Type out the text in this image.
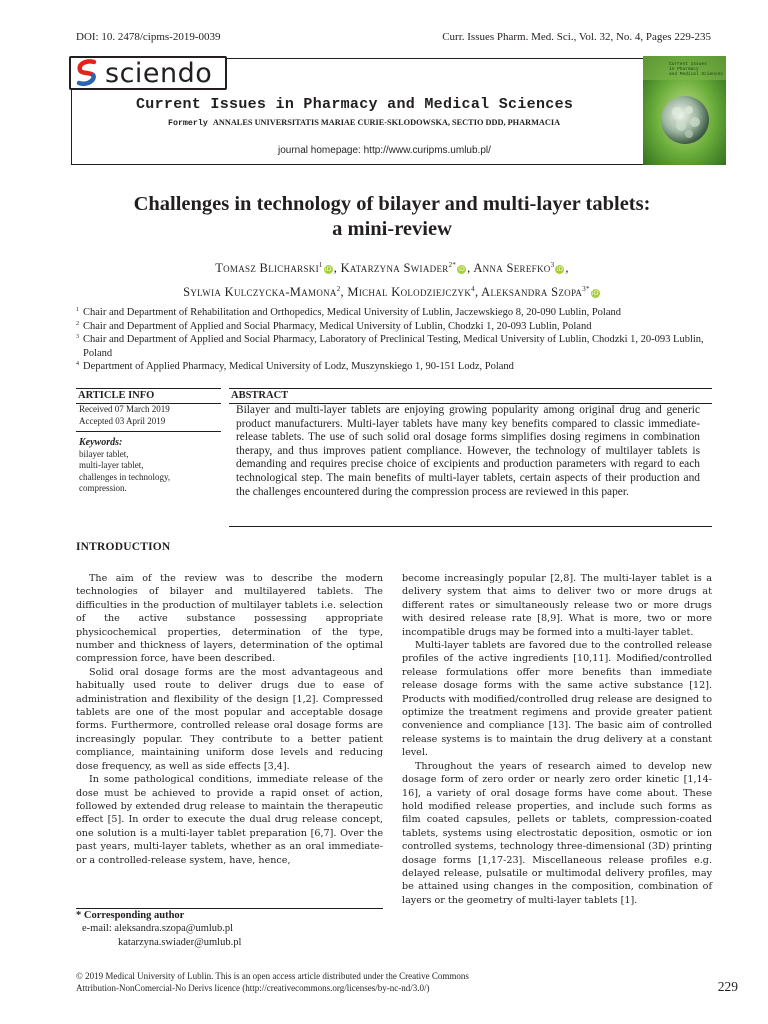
DOI: 10. 2478/cipms-2019-0039	Curr. Issues Pharm. Med. Sci., Vol. 32, No. 4, Pages 229-235
sciendo	Current Issues
in Pharmacy
and Medical Sciences
Current Issues in Pharmacy and Medical Sciences
Formerly ANNALES UNIVERSITATIS MARIAE CURIE-SKLODOWSKA, SECTIO DDD, PHARMACIA
journal homepage: http://www.curipms.umlub.pl/
Challenges in technology of bilayer and multi-layer tablets:
a mini-review
Tomasz Blicharski$^1$iD , Katarzyna Swiader$^{2*}$iD , Anna Serefko$^3$iD ,
Sylwia Kulczycka-Mamona$^2$, Michal Kolodziejczyk$^4$, Aleksandra Szopa$^{3*}$iD
1 Chair and Department of Rehabilitation and Orthopedics, Medical University of Lublin, Jaczewskiego 8, 20-090 Lublin, Poland
2 Chair and Department of Applied and Social Pharmacy, Medical University of Lublin, Chodzki 1, 20-093 Lublin, Poland
3 Chair and Department of Applied and Social Pharmacy, Laboratory of Preclinical Testing, Medical University of Lublin, Chodzki 1, 20-093 Lublin, Poland
4 Department of Applied Pharmacy, Medical University of Lodz, Muszynskiego 1, 90-151 Lodz, Poland
ARTICLE INFO	ABSTRACT
Received 07 March 2019
Accepted 03 April 2019
Keywords:
bilayer tablet,
multi-layer tablet,
challenges in technology,
compression.
Bilayer and multi-layer tablets are enjoying growing popularity among original drug and generic product manufacturers. Multi-layer tablets have many key benefits compared to classic immediate-release tablets. The use of such solid oral dosage forms simplifies dosing regimens in combination therapy, and thus improves patient compliance. However, the technology of multilayer tablets is demanding and requires precise choice of excipients and production parameters with regard to each technological step. The main benefits of multi-layer tablets, certain aspects of their production and the challenges encountered during the compression process are reviewed in this paper.
INTRODUCTION

The aim of the review was to describe the modern technologies of bilayer and multilayered tablets. The difficulties in the production of multilayer tablets i.e. selection of the active substance possessing appropriate physicochemical properties, determination of the type, number and thickness of layers, determination of the optimal compression force, have been described.

Solid oral dosage forms are the most advantageous and habitually used route to deliver drugs due to ease of administration and flexibility of the design [1,2]. Compressed tablets are one of the most popular and acceptable dosage forms. Furthermore, controlled release oral dosage forms are increasingly popular. They contribute to a better patient compliance, maintaining uniform dose levels and reducing dose frequency, as well as side effects [3,4].

In some pathological conditions, immediate release of the dose must be achieved to provide a rapid onset of action, followed by extended drug release to maintain the therapeutic effect [5]. In order to execute the dual drug release concept, one solution is a multi-layer tablet preparation [6,7]. Over the past years, multi-layer tablets, whether as an oral immediate- or a controlled-release system, have, hence,

become increasingly popular [2,8]. The multi-layer tablet is a delivery system that aims to deliver two or more drugs at different rates or simultaneously release two or more drugs with desired release rate [8,9]. What is more, two or more incompatible drugs may be formed into a multi-layer tablet.

Multi-layer tablets are favored due to the controlled release profiles of the active ingredients [10,11]. Modified/controlled release formulations offer more benefits than immediate release dosage forms with the same active substance [12]. Products with modified/controlled drug release are designed to optimize the treatment regimens and provide greater patient convenience and compliance [13]. The basic aim of controlled release systems is to maintain the drug delivery at a constant level.

Throughout the years of research aimed to develop new dosage form of zero order or nearly zero order kinetic [1,14-16], a variety of oral dosage forms have come about. These hold modified release properties, and include such forms as film coated capsules, pellets or tablets, compression-coated tablets, systems using electrostatic deposition, osmotic or ion controlled systems, technology three-dimensional (3D) printing dosage forms [1,17-23]. Miscellaneous release profiles e.g. delayed release, pulsatile or multimodal delivery profiles, may be attained using changes in the composition, combination of layers or the geometry of multi-layer tablets [1].

* Corresponding author
e-mail: aleksandra.szopa@umlub.pl
katarzyna.swiader@umlub.pl
© 2019 Medical University of Lublin. This is an open access article distributed under the Creative Commons
Attribution-NonComercial-No Derivs licence (http://creativecommons.org/licenses/by-nc-nd/3.0/)	229
